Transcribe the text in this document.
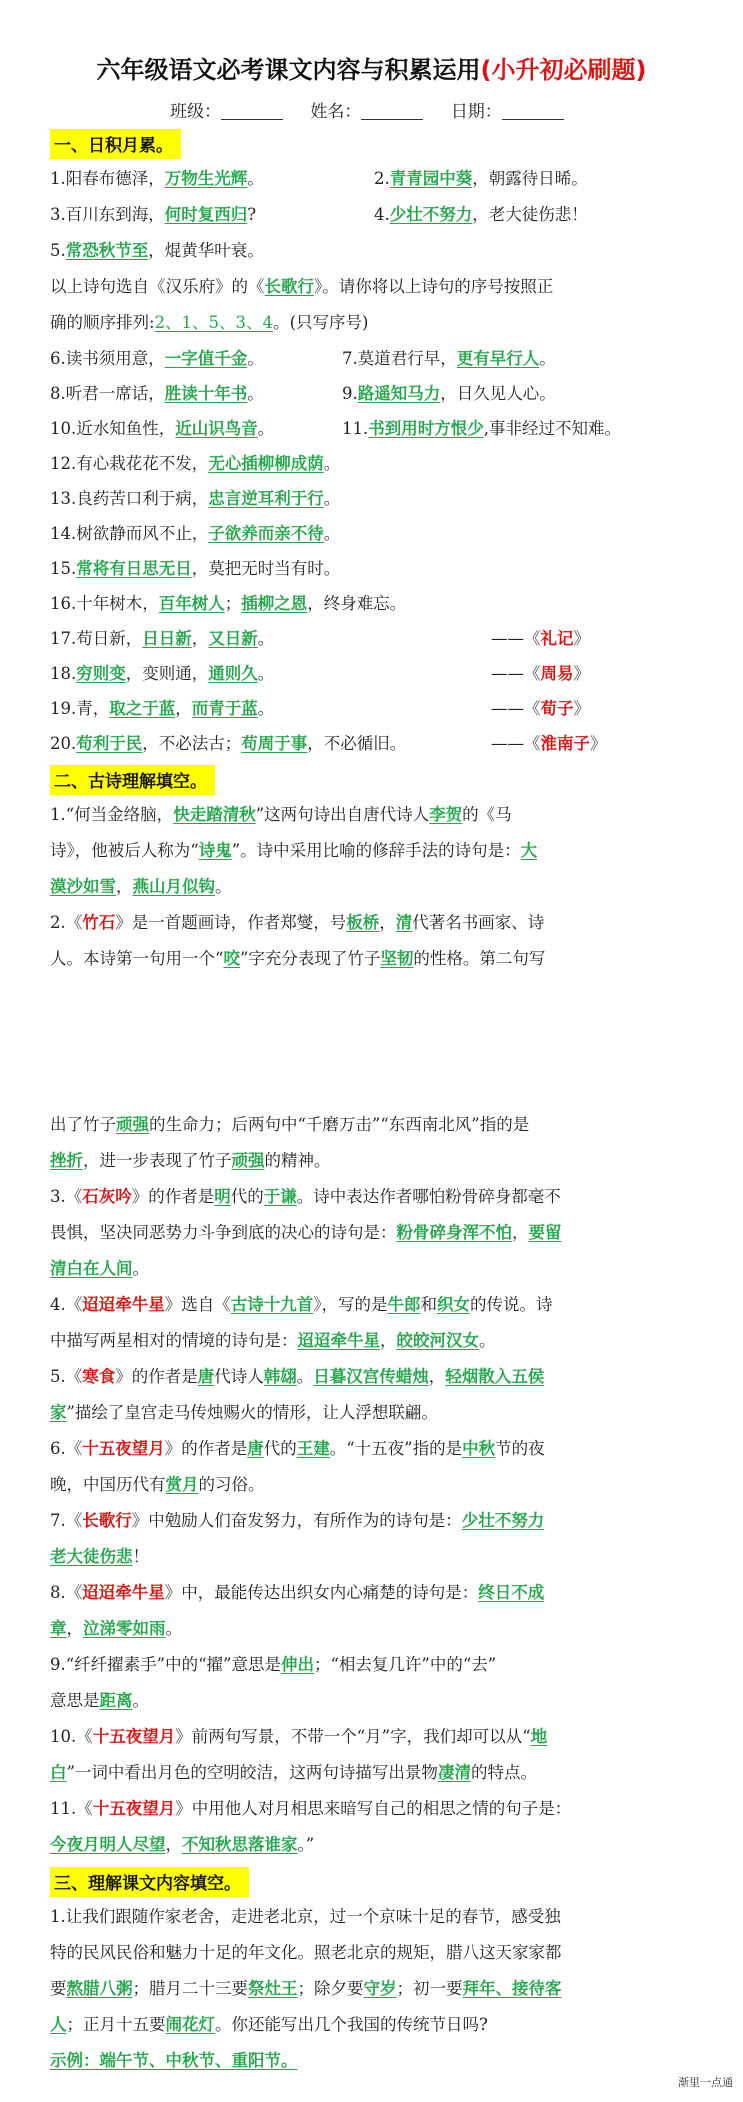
六年级语文必考课文内容与积累运用(小升初必刷题)
班级：	姓名：	日期：
一、日积月累。
1.阳春布德泽，万物生光辉。	2.青青园中葵，朝露待日晞。
3.百川东到海，何时复西归?	4.少壮不努力，老大徒伤悲！
5.常恐秋节至，焜黄华叶衰。
以上诗句选自《汉乐府》的《长歌行》。请你将以上诗句的序号按照正
确的顺序排列:2、1、5、3、4。(只写序号)
6.读书须用意，一字值千金。	7.莫道君行早，更有早行人。
8.听君一席话，胜读十年书。	9.路遥知马力，日久见人心。
10.近水知鱼性，近山识鸟音。	11.书到用时方恨少,事非经过不知难。
12.有心栽花花不发，无心插柳柳成荫。
13.良药苦口利于病，忠言逆耳利于行。
14.树欲静而风不止，子欲养而亲不待。
15.常将有日思无日，莫把无时当有时。
16.十年树木，百年树人；插柳之恩，终身难忘。
17.苟日新，日日新，又日新。	——《礼记》
18.穷则变，变则通，通则久。	——《周易》
19.青，取之于蓝，而青于蓝。	——《荀子》
20.苟利于民，不必法古；苟周于事，不必循旧。	——《淮南子》
二、古诗理解填空。
1.“何当金络脑，快走踏清秋”这两句诗出自唐代诗人李贺的《马
诗》，他被后人称为“诗鬼”。诗中采用比喻的修辞手法的诗句是：大
漠沙如雪，燕山月似钩。
2.《竹石》是一首题画诗，作者郑燮，号板桥，清代著名书画家、诗
人。本诗第一句用一个“咬”字充分表现了竹子坚韧的性格。第二句写
出了竹子顽强的生命力；后两句中“千磨万击”“东西南北风”指的是
挫折，进一步表现了竹子顽强的精神。
3.《石灰吟》的作者是明代的于谦。诗中表达作者哪怕粉骨碎身都毫不
畏惧，坚决同恶势力斗争到底的决心的诗句是：粉骨碎身浑不怕，要留
清白在人间。
4.《迢迢牵牛星》选自《古诗十九首》，写的是牛郎和织女的传说。诗
中描写两星相对的情境的诗句是：迢迢牵牛星，皎皎河汉女。
5.《寒食》的作者是唐代诗人韩翃。日暮汉宫传蜡烛，轻烟散入五侯
家”描绘了皇宫走马传烛赐火的情形，让人浮想联翩。
6.《十五夜望月》的作者是唐代的王建。“十五夜”指的是中秋节的夜
晚，中国历代有赏月的习俗。
7.《长歌行》中勉励人们奋发努力，有所作为的诗句是：少壮不努力
老大徒伤悲！
8.《迢迢牵牛星》中，最能传达出织女内心痛楚的诗句是：终日不成
章，泣涕零如雨。
9.“纤纤擢素手”中的“擢”意思是伸出；“相去复几许”中的“去”
意思是距离。
10.《十五夜望月》前两句写景，不带一个“月”字，我们却可以从“地
白”一词中看出月色的空明皎洁，这两句诗描写出景物凄清的特点。
11.《十五夜望月》中用他人对月相思来暗写自己的相思之情的句子是：
今夜月明人尽望，不知秋思落谁家。”
三、理解课文内容填空。
1.让我们跟随作家老舍，走进老北京，过一个京味十足的春节，感受独
特的民风民俗和魅力十足的年文化。照老北京的规矩，腊八这天家家都
要熬腊八粥；腊月二十三要祭灶王；除夕要守岁；初一要拜年、接待客
人；正月十五要闹花灯。你还能写出几个我国的传统节日吗?
示例：端午节、中秋节、重阳节。
渐里一点通
